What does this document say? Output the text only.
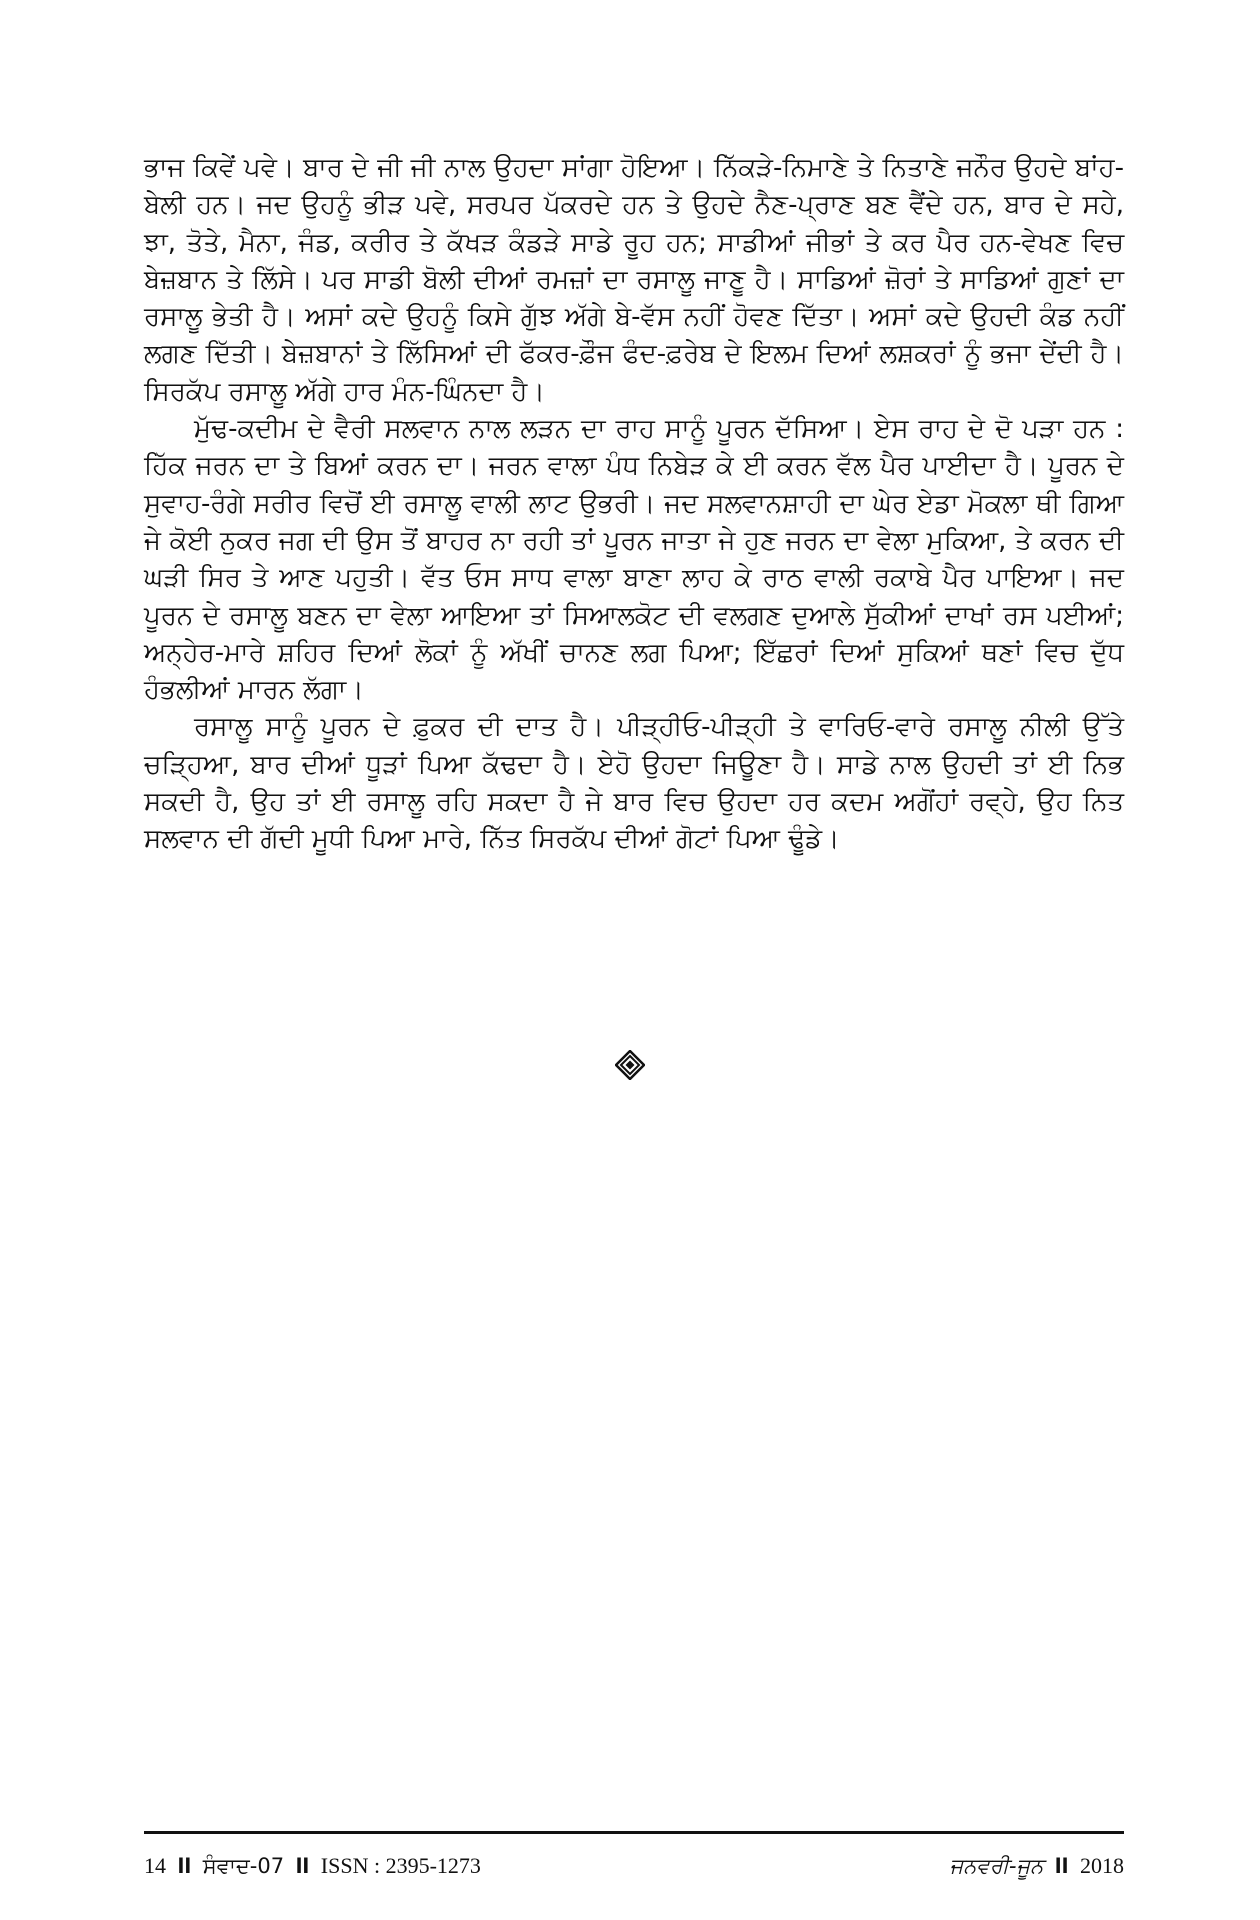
ਭਾਜ ਕਿਵੇਂ ਪਵੇ। ਬਾਰ ਦੇ ਜੀ ਜੀ ਨਾਲ ਉਹਦਾ ਸਾਂਗਾ ਹੋਇਆ। ਨਿੱਕੜੇ-ਨਿਮਾਣੇ ਤੇ ਨਿਤਾਣੇ ਜਨੌਰ ਉਹਦੇ ਬਾਂਹ-ਬੇਲੀ ਹਨ। ਜਦ ਉਹਨੂੰ ਭੀੜ ਪਵੇ, ਸਰਪਰ ਪੱਕਰਦੇ ਹਨ ਤੇ ਉਹਦੇ ਨੈਣ-ਪ੍ਰਾਣ ਬਣ ਵੈਂਦੇ ਹਨ, ਬਾਰ ਦੇ ਸਹੇ, ਝਾ, ਤੋਤੇ, ਮੈਨਾ, ਜੰਡ, ਕਰੀਰ ਤੇ ਕੱਖੜ ਕੰਡੜੇ ਸਾਡੇ ਰੂਹ ਹਨ; ਸਾਡੀਆਂ ਜੀਭਾਂ ਤੇ ਕਰ ਪੈਰ ਹਨ-ਵੇਖਣ ਵਿਚ ਬੇਜ਼ਬਾਨ ਤੇ ਲਿੱਸੇ। ਪਰ ਸਾਡੀ ਬੋਲੀ ਦੀਆਂ ਰਮਜ਼ਾਂ ਦਾ ਰਸਾਲੂ ਜਾਣੂ ਹੈ। ਸਾਡਿਆਂ ਜ਼ੋਰਾਂ ਤੇ ਸਾਡਿਆਂ ਗੁਣਾਂ ਦਾ ਰਸਾਲੂ ਭੇਤੀ ਹੈ। ਅਸਾਂ ਕਦੇ ਉਹਨੂੰ ਕਿਸੇ ਗੁੱਝ ਅੱਗੇ ਬੇ-ਵੱਸ ਨਹੀਂ ਹੋਵਣ ਦਿੱਤਾ। ਅਸਾਂ ਕਦੇ ਉਹਦੀ ਕੰਡ ਨਹੀਂ ਲਗਣ ਦਿੱਤੀ। ਬੇਜ਼ਬਾਨਾਂ ਤੇ ਲਿੱਸਿਆਂ ਦੀ ਫੱਕਰ-ਫ਼ੌਜ ਫੰਦ-ਫ਼ਰੇਬ ਦੇ ਇਲਮ ਦਿਆਂ ਲਸ਼ਕਰਾਂ ਨੂੰ ਭਜਾ ਦੇਂਦੀ ਹੈ। ਸਿਰਕੱਪ ਰਸਾਲੂ ਅੱਗੇ ਹਾਰ ਮੰਨ-ਘਿੰਨਦਾ ਹੈ।

ਮੁੱਢ-ਕਦੀਮ ਦੇ ਵੈਰੀ ਸਲਵਾਨ ਨਾਲ ਲੜਨ ਦਾ ਰਾਹ ਸਾਨੂੰ ਪੂਰਨ ਦੱਸਿਆ। ਏਸ ਰਾਹ ਦੇ ਦੋ ਪੜਾ ਹਨ : ਹਿੱਕ ਜਰਨ ਦਾ ਤੇ ਬਿਆਂ ਕਰਨ ਦਾ। ਜਰਨ ਵਾਲਾ ਪੰਧ ਨਿਬੇੜ ਕੇ ਈ ਕਰਨ ਵੱਲ ਪੈਰ ਪਾਈਦਾ ਹੈ। ਪੂਰਨ ਦੇ ਸੁਵਾਹ-ਰੰਗੇ ਸਰੀਰ ਵਿਚੋਂ ਈ ਰਸਾਲੂ ਵਾਲੀ ਲਾਟ ਉਭਰੀ। ਜਦ ਸਲਵਾਨਸ਼ਾਹੀ ਦਾ ਘੇਰ ਏਡਾ ਮੋਕਲਾ ਥੀ ਗਿਆ ਜੇ ਕੋਈ ਨੁਕਰ ਜਗ ਦੀ ਉਸ ਤੋਂ ਬਾਹਰ ਨਾ ਰਹੀ ਤਾਂ ਪੂਰਨ ਜਾਤਾ ਜੇ ਹੁਣ ਜਰਨ ਦਾ ਵੇਲਾ ਮੁਕਿਆ, ਤੇ ਕਰਨ ਦੀ ਘੜੀ ਸਿਰ ਤੇ ਆਣ ਪਹੁਤੀ। ਵੱਤ ਓਸ ਸਾਧ ਵਾਲਾ ਬਾਣਾ ਲਾਹ ਕੇ ਰਾਠ ਵਾਲੀ ਰਕਾਬੇ ਪੈਰ ਪਾਇਆ। ਜਦ ਪੂਰਨ ਦੇ ਰਸਾਲੂ ਬਣਨ ਦਾ ਵੇਲਾ ਆਇਆ ਤਾਂ ਸਿਆਲਕੋਟ ਦੀ ਵਲਗਣ ਦੁਆਲੇ ਸੁੱਕੀਆਂ ਦਾਖਾਂ ਰਸ ਪਈਆਂ; ਅਨ੍ਹੇਰ-ਮਾਰੇ ਸ਼ਹਿਰ ਦਿਆਂ ਲੋਕਾਂ ਨੂੰ ਅੱਖੀਂ ਚਾਨਣ ਲਗ ਪਿਆ; ਇੱਛਰਾਂ ਦਿਆਂ ਸੁਕਿਆਂ ਥਣਾਂ ਵਿਚ ਦੁੱਧ ਹੰਭਲੀਆਂ ਮਾਰਨ ਲੱਗਾ।

ਰਸਾਲੂ ਸਾਨੂੰ ਪੂਰਨ ਦੇ ਫ਼ੁਕਰ ਦੀ ਦਾਤ ਹੈ। ਪੀੜ੍ਹੀਓ-ਪੀੜ੍ਹੀ ਤੇ ਵਾਰਿਓ-ਵਾਰੇ ਰਸਾਲੂ ਨੀਲੀ ਉੱਤੇ ਚੜ੍ਹਿਆ, ਬਾਰ ਦੀਆਂ ਧੂੜਾਂ ਪਿਆ ਕੱਢਦਾ ਹੈ। ਏਹੋ ਉਹਦਾ ਜਿਊਣਾ ਹੈ। ਸਾਡੇ ਨਾਲ ਉਹਦੀ ਤਾਂ ਈ ਨਿਭ ਸਕਦੀ ਹੈ, ਉਹ ਤਾਂ ਈ ਰਸਾਲੂ ਰਹਿ ਸਕਦਾ ਹੈ ਜੇ ਬਾਰ ਵਿਚ ਉਹਦਾ ਹਰ ਕਦਮ ਅਗੋਂਹਾਂ ਰਵ੍ਹੇ, ਉਹ ਨਿਤ ਸਲਵਾਨ ਦੀ ਗੱਦੀ ਮੂਧੀ ਪਿਆ ਮਾਰੇ, ਨਿੱਤ ਸਿਰਕੱਪ ਦੀਆਂ ਗੋਟਾਂ ਪਿਆ ਢੂੰਡੇ।

14 ll ਸੰਵਾਦ-07 ll ISSN : 2395-1273	ਜਨਵਰੀ-ਜੂਨ ll 2018
